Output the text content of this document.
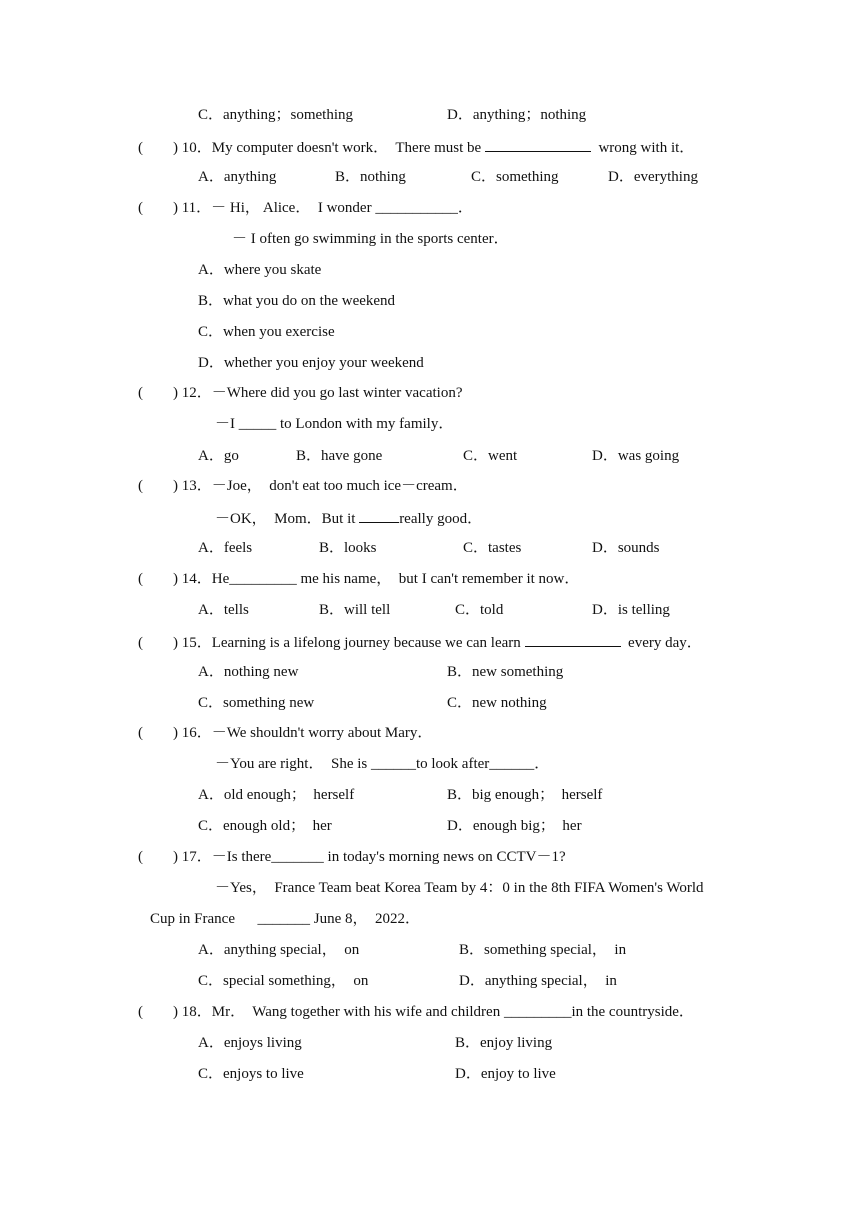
C．anything；something	D．anything；nothing
(        ) 10．My computer doesn't work．  There must be	wrong with it．
A．anything	B．nothing	C．something	D．everything
(        ) 11．－ Hi， Alice．  I wonder ___________．
－ I often go swimming in the sports center．
A．where you skate
B．what you do on the weekend
C．when you exercise
D．whether you enjoy your weekend
(        ) 12．－Where did you go last winter vacation?
－I _____ to London with my family．
A．go	B．have gone	C．went	D．was going
(        ) 13．－Joe，  don't eat too much ice－cream．
－OK，  Mom．But it	really good．
A．feels	B．looks	C．tastes	D．sounds
(        ) 14．He_________ me his name，  but I can't remember it now．
A．tells	B．will tell	C．told	D．is telling
(        ) 15．Learning is a lifelong journey because we can learn	every day．
A．nothing new	B．new something
C．something new	C．new nothing
(        ) 16．－We shouldn't worry about Mary．
－You are right．  She is ______to look after______．
A．old enough；  herself	B．big enough；  herself
C．enough old；  her	D．enough big；  her
(        ) 17．－Is there_______ in today's morning news on CCTV－1?
－Yes，  France Team beat Korea Team by 4：0 in the 8th FIFA Women's World
Cup in France      _______ June 8，  2022．
A．anything special，  on	B．something special，  in
C．special something，  on	D．anything special，  in
(        ) 18．Mr．  Wang together with his wife and children _________in the countryside．
A．enjoys living	B．enjoy living
C．enjoys to live	D．enjoy to live
